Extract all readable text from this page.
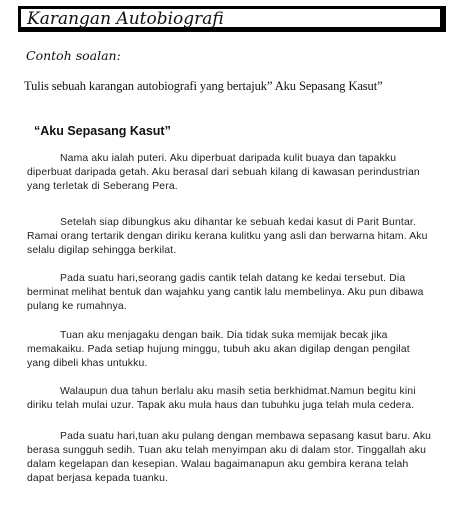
Karangan Autobiografi
Contoh soalan:
Tulis sebuah karangan autobiografi yang bertajuk” Aku Sepasang Kasut”
“Aku Sepasang Kasut”
Nama aku ialah puteri. Aku diperbuat daripada kulit buaya dan tapakku
diperbuat daripada getah. Aku berasal dari sebuah kilang di kawasan perindustrian
yang terletak di Seberang Pera.
Setelah siap dibungkus aku dihantar ke sebuah kedai kasut di Parit Buntar.
Ramai orang tertarik dengan diriku kerana kulitku yang asli dan berwarna hitam. Aku
selalu digilap sehingga berkilat.
Pada suatu hari,seorang gadis cantik telah datang ke kedai tersebut. Dia
berminat melihat bentuk dan wajahku yang cantik lalu membelinya. Aku pun dibawa
pulang ke rumahnya.
Tuan aku menjagaku dengan baik. Dia tidak suka memijak becak jika
memakaiku. Pada setiap hujung minggu, tubuh aku akan digilap dengan pengilat
yang dibeli khas untukku.
Walaupun dua tahun berlalu aku masih setia berkhidmat.Namun begitu kini
diriku telah mulai uzur. Tapak aku mula haus dan tubuhku juga telah mula cedera.
Pada suatu hari,tuan aku pulang dengan membawa sepasang kasut baru. Aku
berasa sungguh sedih. Tuan aku telah menyimpan aku di dalam stor. Tinggallah aku
dalam kegelapan dan kesepian. Walau bagaimanapun aku gembira kerana telah
dapat berjasa kepada tuanku.
